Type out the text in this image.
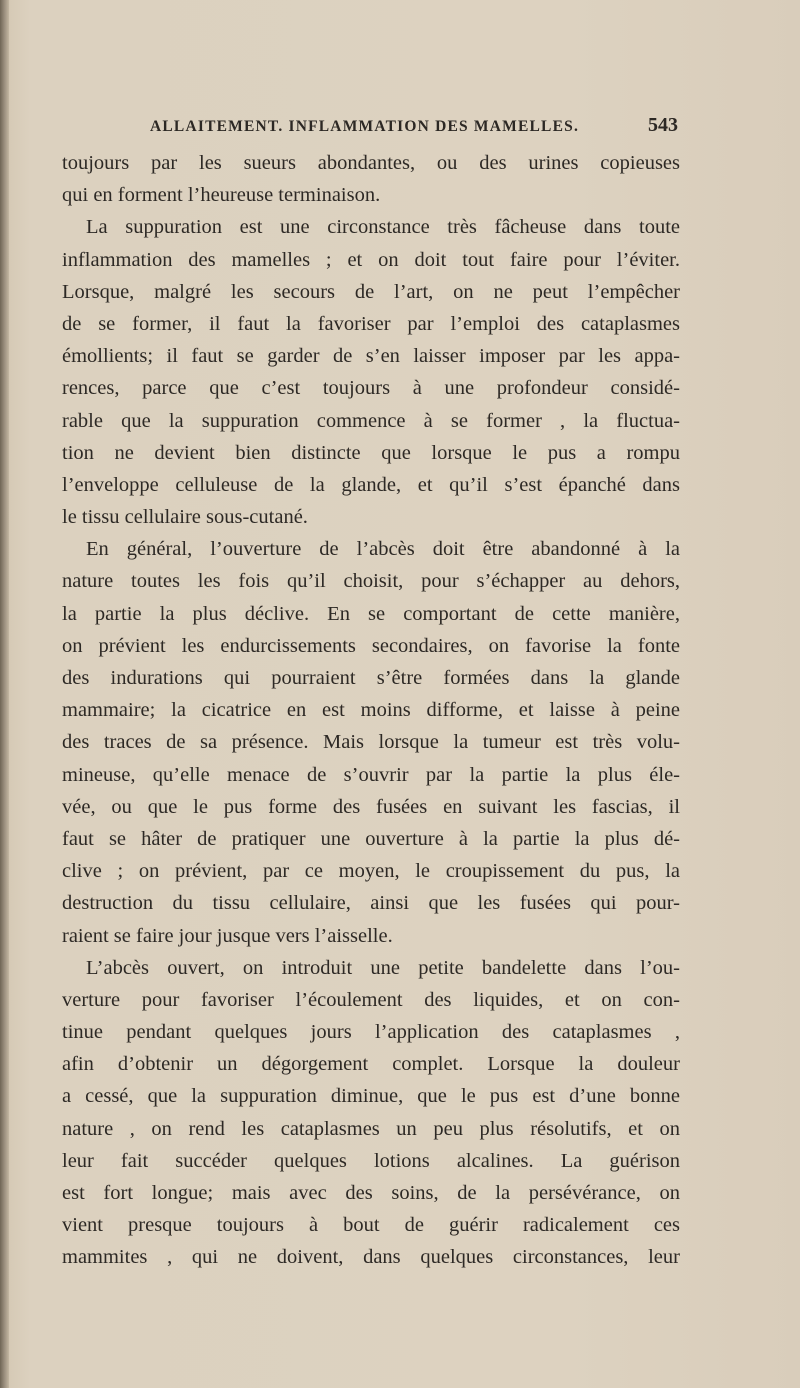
ALLAITEMENT. INFLAMMATION DES MAMELLES.	543
toujours par les sueurs abondantes, ou des urines copieuses
qui en forment l’heureuse terminaison.
La suppuration est une circonstance très fâcheuse dans toute
inflammation des mamelles ; et on doit tout faire pour l’éviter.
Lorsque, malgré les secours de l’art, on ne peut l’empêcher
de se former, il faut la favoriser par l’emploi des cataplasmes
émollients; il faut se garder de s’en laisser imposer par les appa-
rences, parce que c’est toujours à une profondeur considé-
rable que la suppuration commence à se former , la fluctua-
tion ne devient bien distincte que lorsque le pus a rompu
l’enveloppe celluleuse de la glande, et qu’il s’est épanché dans
le tissu cellulaire sous-cutané.
En général, l’ouverture de l’abcès doit être abandonné à la
nature toutes les fois qu’il choisit, pour s’échapper au dehors,
la partie la plus déclive. En se comportant de cette manière,
on prévient les endurcissements secondaires, on favorise la fonte
des indurations qui pourraient s’être formées dans la glande
mammaire; la cicatrice en est moins difforme, et laisse à peine
des traces de sa présence. Mais lorsque la tumeur est très volu-
mineuse, qu’elle menace de s’ouvrir par la partie la plus éle-
vée, ou que le pus forme des fusées en suivant les fascias, il
faut se hâter de pratiquer une ouverture à la partie la plus dé-
clive ; on prévient, par ce moyen, le croupissement du pus, la
destruction du tissu cellulaire, ainsi que les fusées qui pour-
raient se faire jour jusque vers l’aisselle.
L’abcès ouvert, on introduit une petite bandelette dans l’ou-
verture pour favoriser l’écoulement des liquides, et on con-
tinue pendant quelques jours l’application des cataplasmes ,
afin d’obtenir un dégorgement complet. Lorsque la douleur
a cessé, que la suppuration diminue, que le pus est d’une bonne
nature , on rend les cataplasmes un peu plus résolutifs, et on
leur fait succéder quelques lotions alcalines. La guérison
est fort longue; mais avec des soins, de la persévérance, on
vient presque toujours à bout de guérir radicalement ces
mammites , qui ne doivent, dans quelques circonstances, leur
